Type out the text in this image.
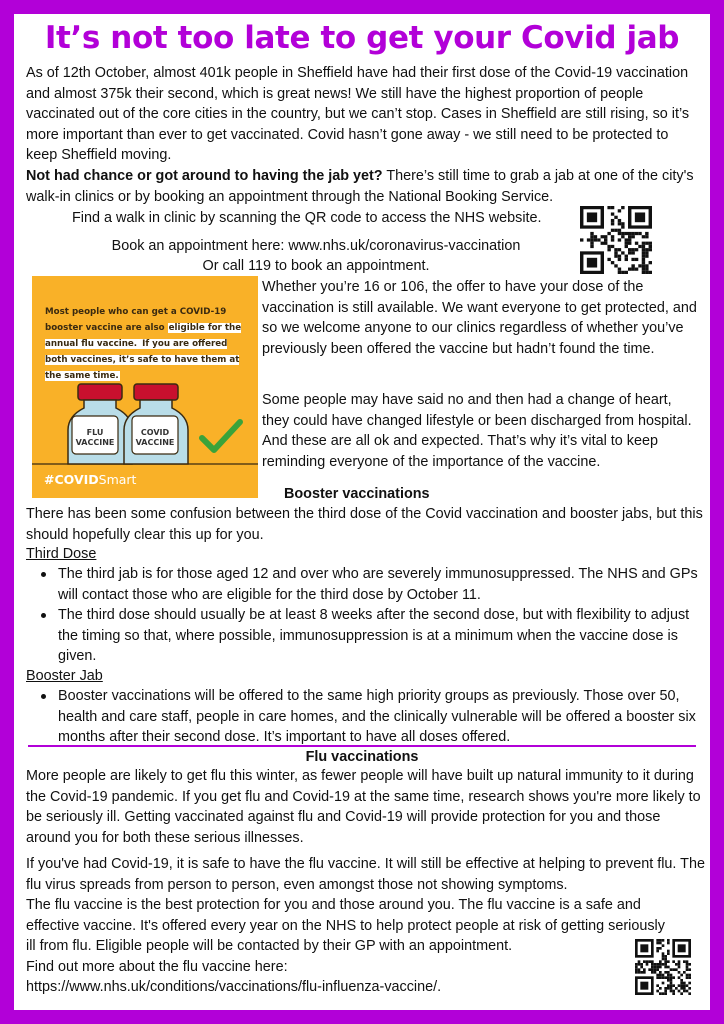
It’s not too late to get your Covid jab
As of 12th October, almost 401k people in Sheffield have had their first dose of the Covid-19 vaccination and almost 375k their second, which is great news! We still have the highest proportion of people vaccinated out of the core cities in the country, but we can’t stop. Cases in Sheffield are still rising, so it’s more important than ever to get vaccinated. Covid hasn’t gone away - we still need to be protected to keep Sheffield moving.
Not had chance or got around to having the jab yet? There’s still time to grab a jab at one of the city's walk-in clinics or by booking an appointment through the National Booking Service.
Find a walk in clinic by scanning the QR code to access the NHS website.
Book an appointment here: www.nhs.uk/coronavirus-vaccination
Or call 119 to book an appointment.
Most people who can get a COVID-19 booster vaccine are also eligible for the annual flu vaccine. If you are offered both vaccines, it’s safe to have them at the same time.
FLU VACCINE
COVID VACCINE
#COVIDSmart
Whether you’re 16 or 106, the offer to have your dose of the vaccination is still available. We want everyone to get protected, and so we welcome anyone to our clinics regardless of whether you’ve previously been offered the vaccine but hadn’t found the time.
Some people may have said no and then had a change of heart, they could have changed lifestyle or been discharged from hospital. And these are all ok and expected. That’s why it’s vital to keep reminding everyone of the importance of the vaccine.
Booster vaccinations
There has been some confusion between the third dose of the Covid vaccination and booster jabs, but this should hopefully clear this up for you.
Third Dose
The third jab is for those aged 12 and over who are severely immunosuppressed. The NHS and GPs will contact those who are eligible for the third dose by October 11.
The third dose should usually be at least 8 weeks after the second dose, but with flexibility to adjust the timing so that, where possible, immunosuppression is at a minimum when the vaccine dose is given.
Booster Jab
Booster vaccinations will be offered to the same high priority groups as previously. Those over 50, health and care staff, people in care homes, and the clinically vulnerable will be offered a booster six months after their second dose. It’s important to have all doses offered.
Flu vaccinations
More people are likely to get flu this winter, as fewer people will have built up natural immunity to it during the Covid-19 pandemic. If you get flu and Covid-19 at the same time, research shows you're more likely to be seriously ill. Getting vaccinated against flu and Covid-19 will provide protection for you and those around you for both these serious illnesses.
If you've had Covid-19, it is safe to have the flu vaccine. It will still be effective at helping to prevent flu. The flu virus spreads from person to person, even amongst those not showing symptoms.
The flu vaccine is the best protection for you and those around you. The flu vaccine is a safe and effective vaccine. It's offered every year on the NHS to help protect people at risk of getting seriously ill from flu. Eligible people will be contacted by their GP with an appointment.
Find out more about the flu vaccine here:
https://www.nhs.uk/conditions/vaccinations/flu-influenza-vaccine/.
